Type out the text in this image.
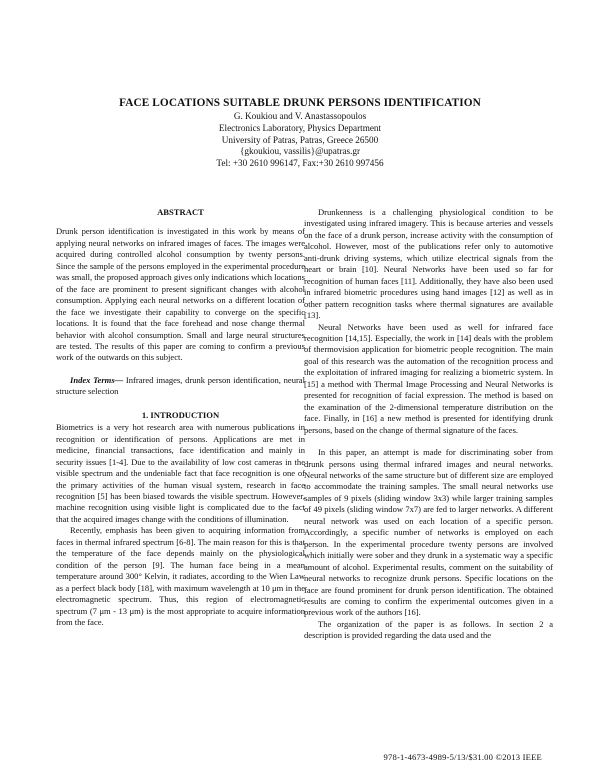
FACE LOCATIONS SUITABLE DRUNK PERSONS IDENTIFICATION
G. Koukiou and V. Anastassopoulos
Electronics Laboratory, Physics Department
University of Patras, Patras, Greece 26500
{gkoukiou, vassilis}@upatras.gr
Tel: +30 2610 996147, Fax:+30 2610 997456
ABSTRACT

Drunk person identification is investigated in this work by means of applying neural networks on infrared images of faces. The images were acquired during controlled alcohol consumption by twenty persons. Since the sample of the persons employed in the experimental procedure was small, the proposed approach gives only indications which locations of the face are prominent to present significant changes with alcohol consumption. Applying each neural networks on a different location of the face we investigate their capability to converge on the specific locations. It is found that the face forehead and nose change thermal behavior with alcohol consumption. Small and large neural structures are tested. The results of this paper are coming to confirm a previous work of the outwards on this subject.

Index Terms— Infrared images, drunk person identification, neural structure selection

1. INTRODUCTION

Biometrics is a very hot research area with numerous publications in recognition or identification of persons. Applications are met in medicine, financial transactions, face identification and mainly in security issues [1-4]. Due to the availability of low cost cameras in the visible spectrum and the undeniable fact that face recognition is one of the primary activities of the human visual system, research in face recognition [5] has been biased towards the visible spectrum. However, machine recognition using visible light is complicated due to the fact that the acquired images change with the conditions of illumination.

Recently, emphasis has been given to acquiring information from faces in thermal infrared spectrum [6-8]. The main reason for this is that the temperature of the face depends mainly on the physiological condition of the person [9]. The human face being in a mean temperature around 300° Kelvin, it radiates, according to the Wien Law as a perfect black body [18], with maximum wavelength at 10 μm in the electromagnetic spectrum. Thus, this region of electromagnetic spectrum (7 μm - 13 μm) is the most appropriate to acquire information from the face.

Drunkenness is a challenging physiological condition to be investigated using infrared imagery. This is because arteries and vessels on the face of a drunk person, increase activity with the consumption of alcohol. However, most of the publications refer only to automotive anti-drunk driving systems, which utilize electrical signals from the heart or brain [10]. Neural Networks have been used so far for recognition of human faces [11]. Additionally, they have also been used in infrared biometric procedures using hand images [12] as well as in other pattern recognition tasks where thermal signatures are available [13].

Neural Networks have been used as well for infrared face recognition [14,15]. Especially, the work in [14] deals with the problem of thermovision application for biometric people recognition. The main goal of this research was the automation of the recognition process and the exploitation of infrared imaging for realizing a biometric system. In [15] a method with Thermal Image Processing and Neural Networks is presented for recognition of facial expression. The method is based on the examination of the 2-dimensional temperature distribution on the face. Finally, in [16] a new method is presented for identifying drunk persons, based on the change of thermal signature of the faces.

In this paper, an attempt is made for discriminating sober from drunk persons using thermal infrared images and neural networks. Neural networks of the same structure but of different size are employed to accommodate the training samples. The small neural networks use samples of 9 pixels (sliding window 3x3) while larger training samples of 49 pixels (sliding window 7x7) are fed to larger networks. A different neural network was used on each location of a specific person. Accordingly, a specific number of networks is employed on each person. In the experimental procedure twenty persons are involved which initially were sober and they drunk in a systematic way a specific amount of alcohol. Experimental results, comment on the suitability of neural networks to recognize drunk persons. Specific locations on the face are found prominent for drunk person identification. The obtained results are coming to confirm the experimental outcomes given in a previous work of the authors [16].

The organization of the paper is as follows. In section 2 a description is provided regarding the data used and the

978-1-4673-4989-5/13/$31.00 ©2013 IEEE
